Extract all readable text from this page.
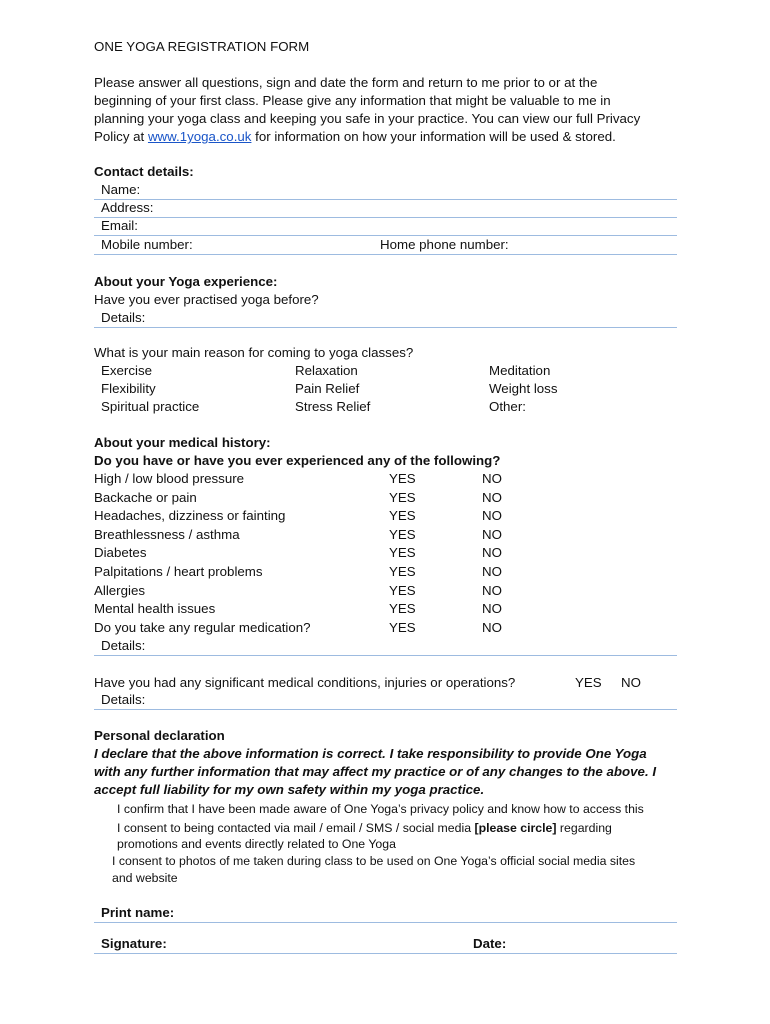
ONE YOGA REGISTRATION FORM
Please answer all questions, sign and date the form and return to me prior to or at the
beginning of your first class. Please give any information that might be valuable to me in
planning your yoga class and keeping you safe in your practice. You can view our full Privacy
Policy at www.1yoga.co.uk for information on how your information will be used & stored.
Contact details:
Name:
Address:
Email:
Mobile number:	Home phone number:
About your Yoga experience:
Have you ever practised yoga before?
Details:
What is your main reason for coming to yoga classes?
Exercise	Relaxation	Meditation
Flexibility	Pain Relief	Weight loss
Spiritual practice	Stress Relief	Other:
About your medical history:
Do you have or have you ever experienced any of the following?
High / low blood pressure	YES	NO
Backache or pain	YES	NO
Headaches, dizziness or fainting	YES	NO
Breathlessness / asthma	YES	NO
Diabetes	YES	NO
Palpitations / heart problems	YES	NO
Allergies	YES	NO
Mental health issues	YES	NO
Do you take any regular medication?	YES	NO
Details:
Have you had any significant medical conditions, injuries or operations?	YES NO
Details:
Personal declaration
I declare that the above information is correct. I take responsibility to provide One Yoga
with any further information that may affect my practice or of any changes to the above. I
accept full liability for my own safety within my yoga practice.
I confirm that I have been made aware of One Yoga’s privacy policy and know how to access this
I consent to being contacted via mail / email / SMS / social media [please circle] regarding
promotions and events directly related to One Yoga
I consent to photos of me taken during class to be used on One Yoga’s official social media sites
and website
Print name:
Signature:	Date:
